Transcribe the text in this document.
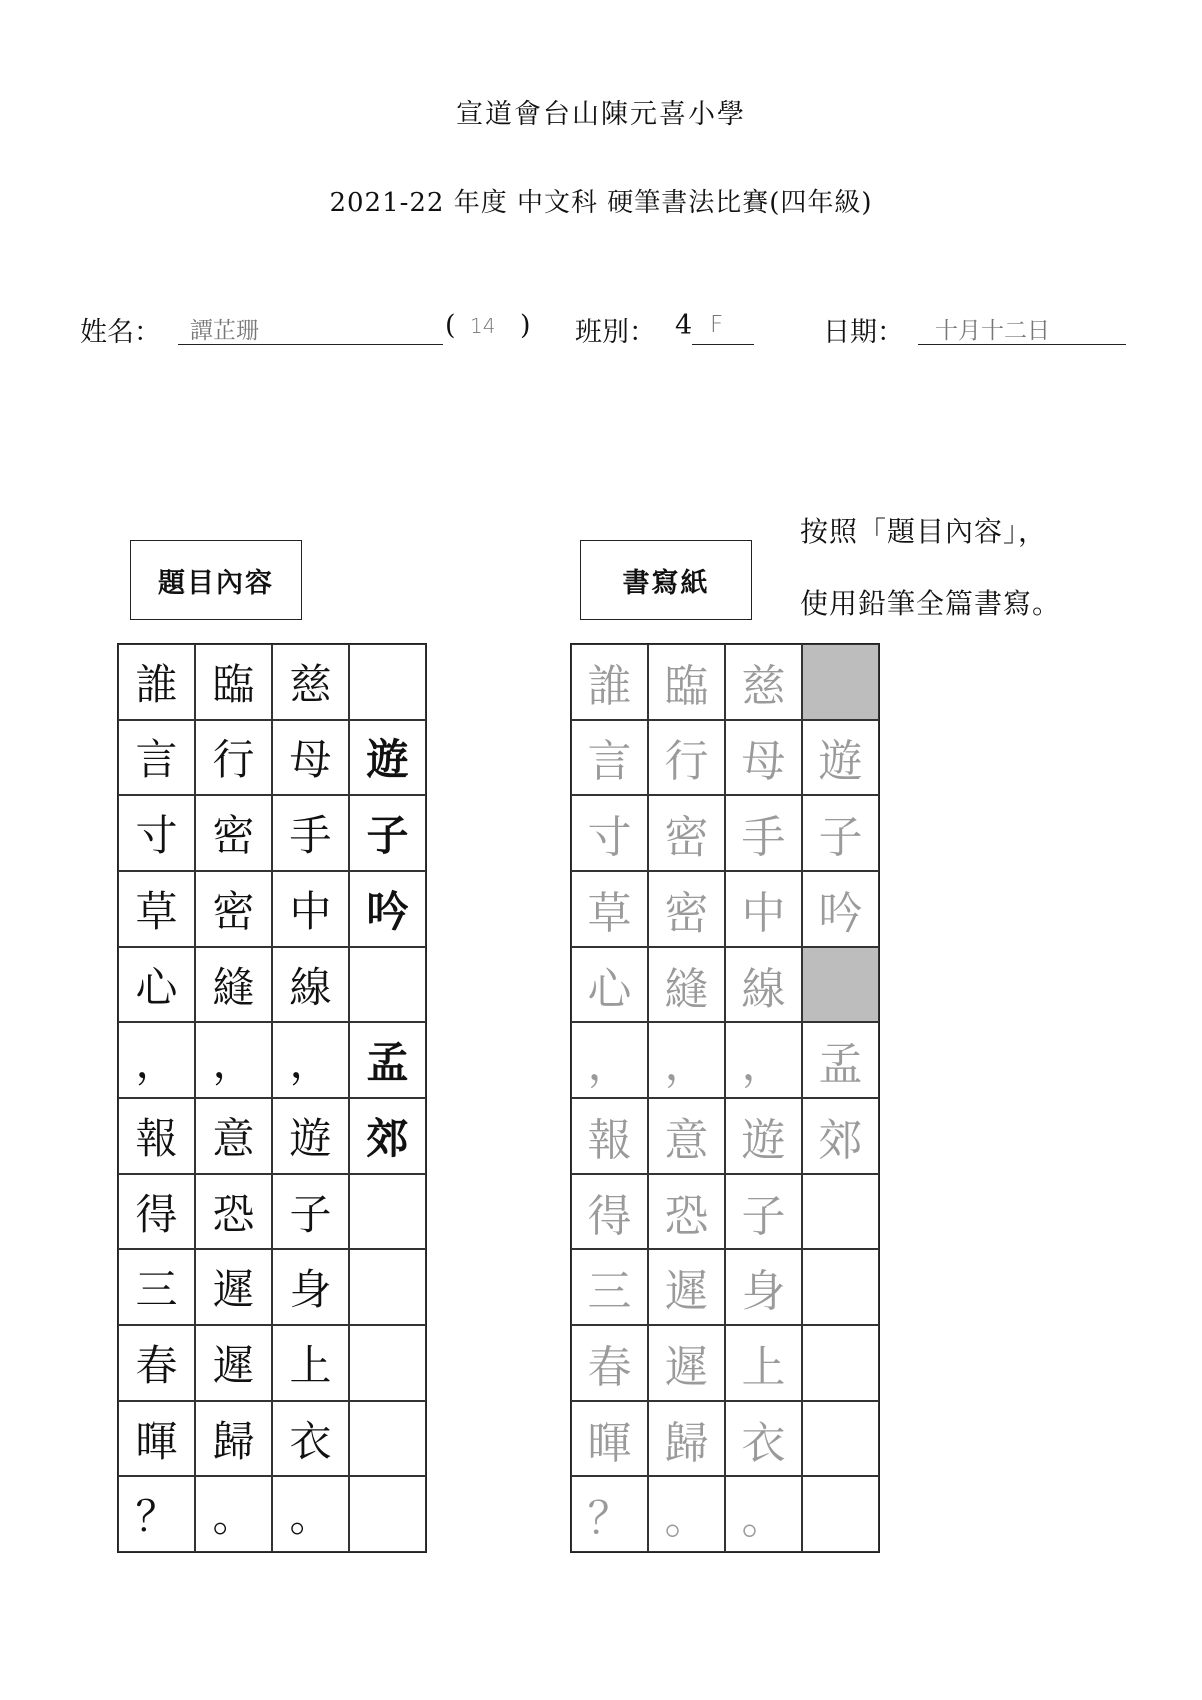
宣道會台山陳元喜小學
2021-22 年度 中文科 硬筆書法比賽(四年級)
姓名： 譚芷珊	( 14 ) 班別： 4 F	日期： 十月十二日
按照「題目內容」，
使用鉛筆全篇書寫。
題目內容	書寫紙
誰 臨 慈
言 行 母 遊
寸 密 手 子
草 密 中 吟
心 縫 線
， ， ， 孟
報 意 遊 郊
得 恐 子
三 遲 身
春 遲 上
暉 歸 衣
？ 。 。
誰 臨 慈
言 行 母 遊
寸 密 手 子
草 密 中 吟
心 縫 線
， ， ， 孟
報 意 遊 郊
得 恐 子
三 遲 身
春 遲 上
暉 歸 衣
？ 。 。
